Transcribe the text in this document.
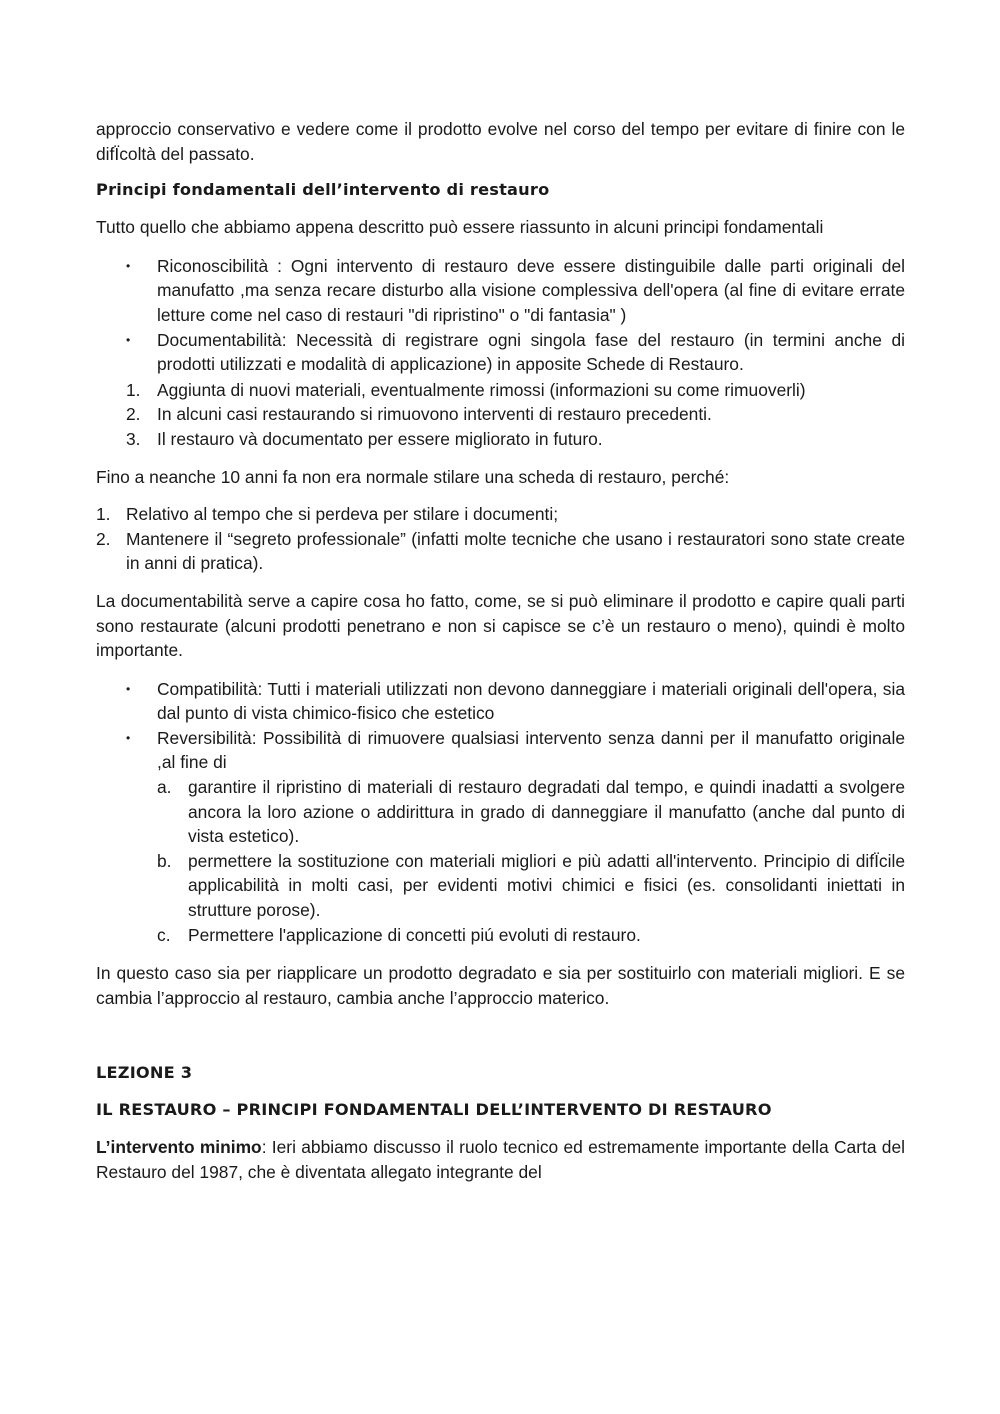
approccio conservativo e vedere come il prodotto evolve nel corso del tempo per evitare di finire con le difÏcoltà del passato.

Principi fondamentali dell’intervento di restauro

Tutto quello che abbiamo appena descritto può essere riassunto in alcuni principi fondamentali

• Riconoscibilità : Ogni intervento di restauro deve essere distinguibile dalle parti originali del manufatto ,ma senza recare disturbo alla visione complessiva dell'opera (al fine di evitare errate letture come nel caso di restauri "di ripristino" o "di fantasia" )
• Documentabilità: Necessità di registrare ogni singola fase del restauro (in termini anche di prodotti utilizzati e modalità di applicazione) in apposite Schede di Restauro.
1. Aggiunta di nuovi materiali, eventualmente rimossi (informazioni su come rimuoverli)
2. In alcuni casi restaurando si rimuovono interventi di restauro precedenti.
3. Il restauro và documentato per essere migliorato in futuro.

Fino a neanche 10 anni fa non era normale stilare una scheda di restauro, perché:

1. Relativo al tempo che si perdeva per stilare i documenti;
2. Mantenere il “segreto professionale” (infatti molte tecniche che usano i restauratori sono state create in anni di pratica).

La documentabilità serve a capire cosa ho fatto, come, se si può eliminare il prodotto e capire quali parti sono restaurate (alcuni prodotti penetrano e non si capisce se c’è un restauro o meno), quindi è molto importante.

• Compatibilità: Tutti i materiali utilizzati non devono danneggiare i materiali originali dell'opera, sia dal punto di vista chimico-fisico che estetico
• Reversibilità: Possibilità di rimuovere qualsiasi intervento senza danni per il manufatto originale ,al fine di
a. garantire il ripristino di materiali di restauro degradati dal tempo, e quindi inadatti a svolgere ancora la loro azione o addirittura in grado di danneggiare il manufatto (anche dal punto di vista estetico).
b. permettere la sostituzione con materiali migliori e più adatti all'intervento. Principio di difÏcile applicabilità in molti casi, per evidenti motivi chimici e fisici (es. consolidanti iniettati in strutture porose).
c. Permettere l'applicazione di concetti piú evoluti di restauro.

In questo caso sia per riapplicare un prodotto degradato e sia per sostituirlo con materiali migliori. E se cambia l’approccio al restauro, cambia anche l’approccio materico.

LEZIONE 3
IL RESTAURO – PRINCIPI FONDAMENTALI DELL’INTERVENTO DI RESTAURO

L’intervento minimo: Ieri abbiamo discusso il ruolo tecnico ed estremamente importante della Carta del Restauro del 1987, che è diventata allegato integrante del
